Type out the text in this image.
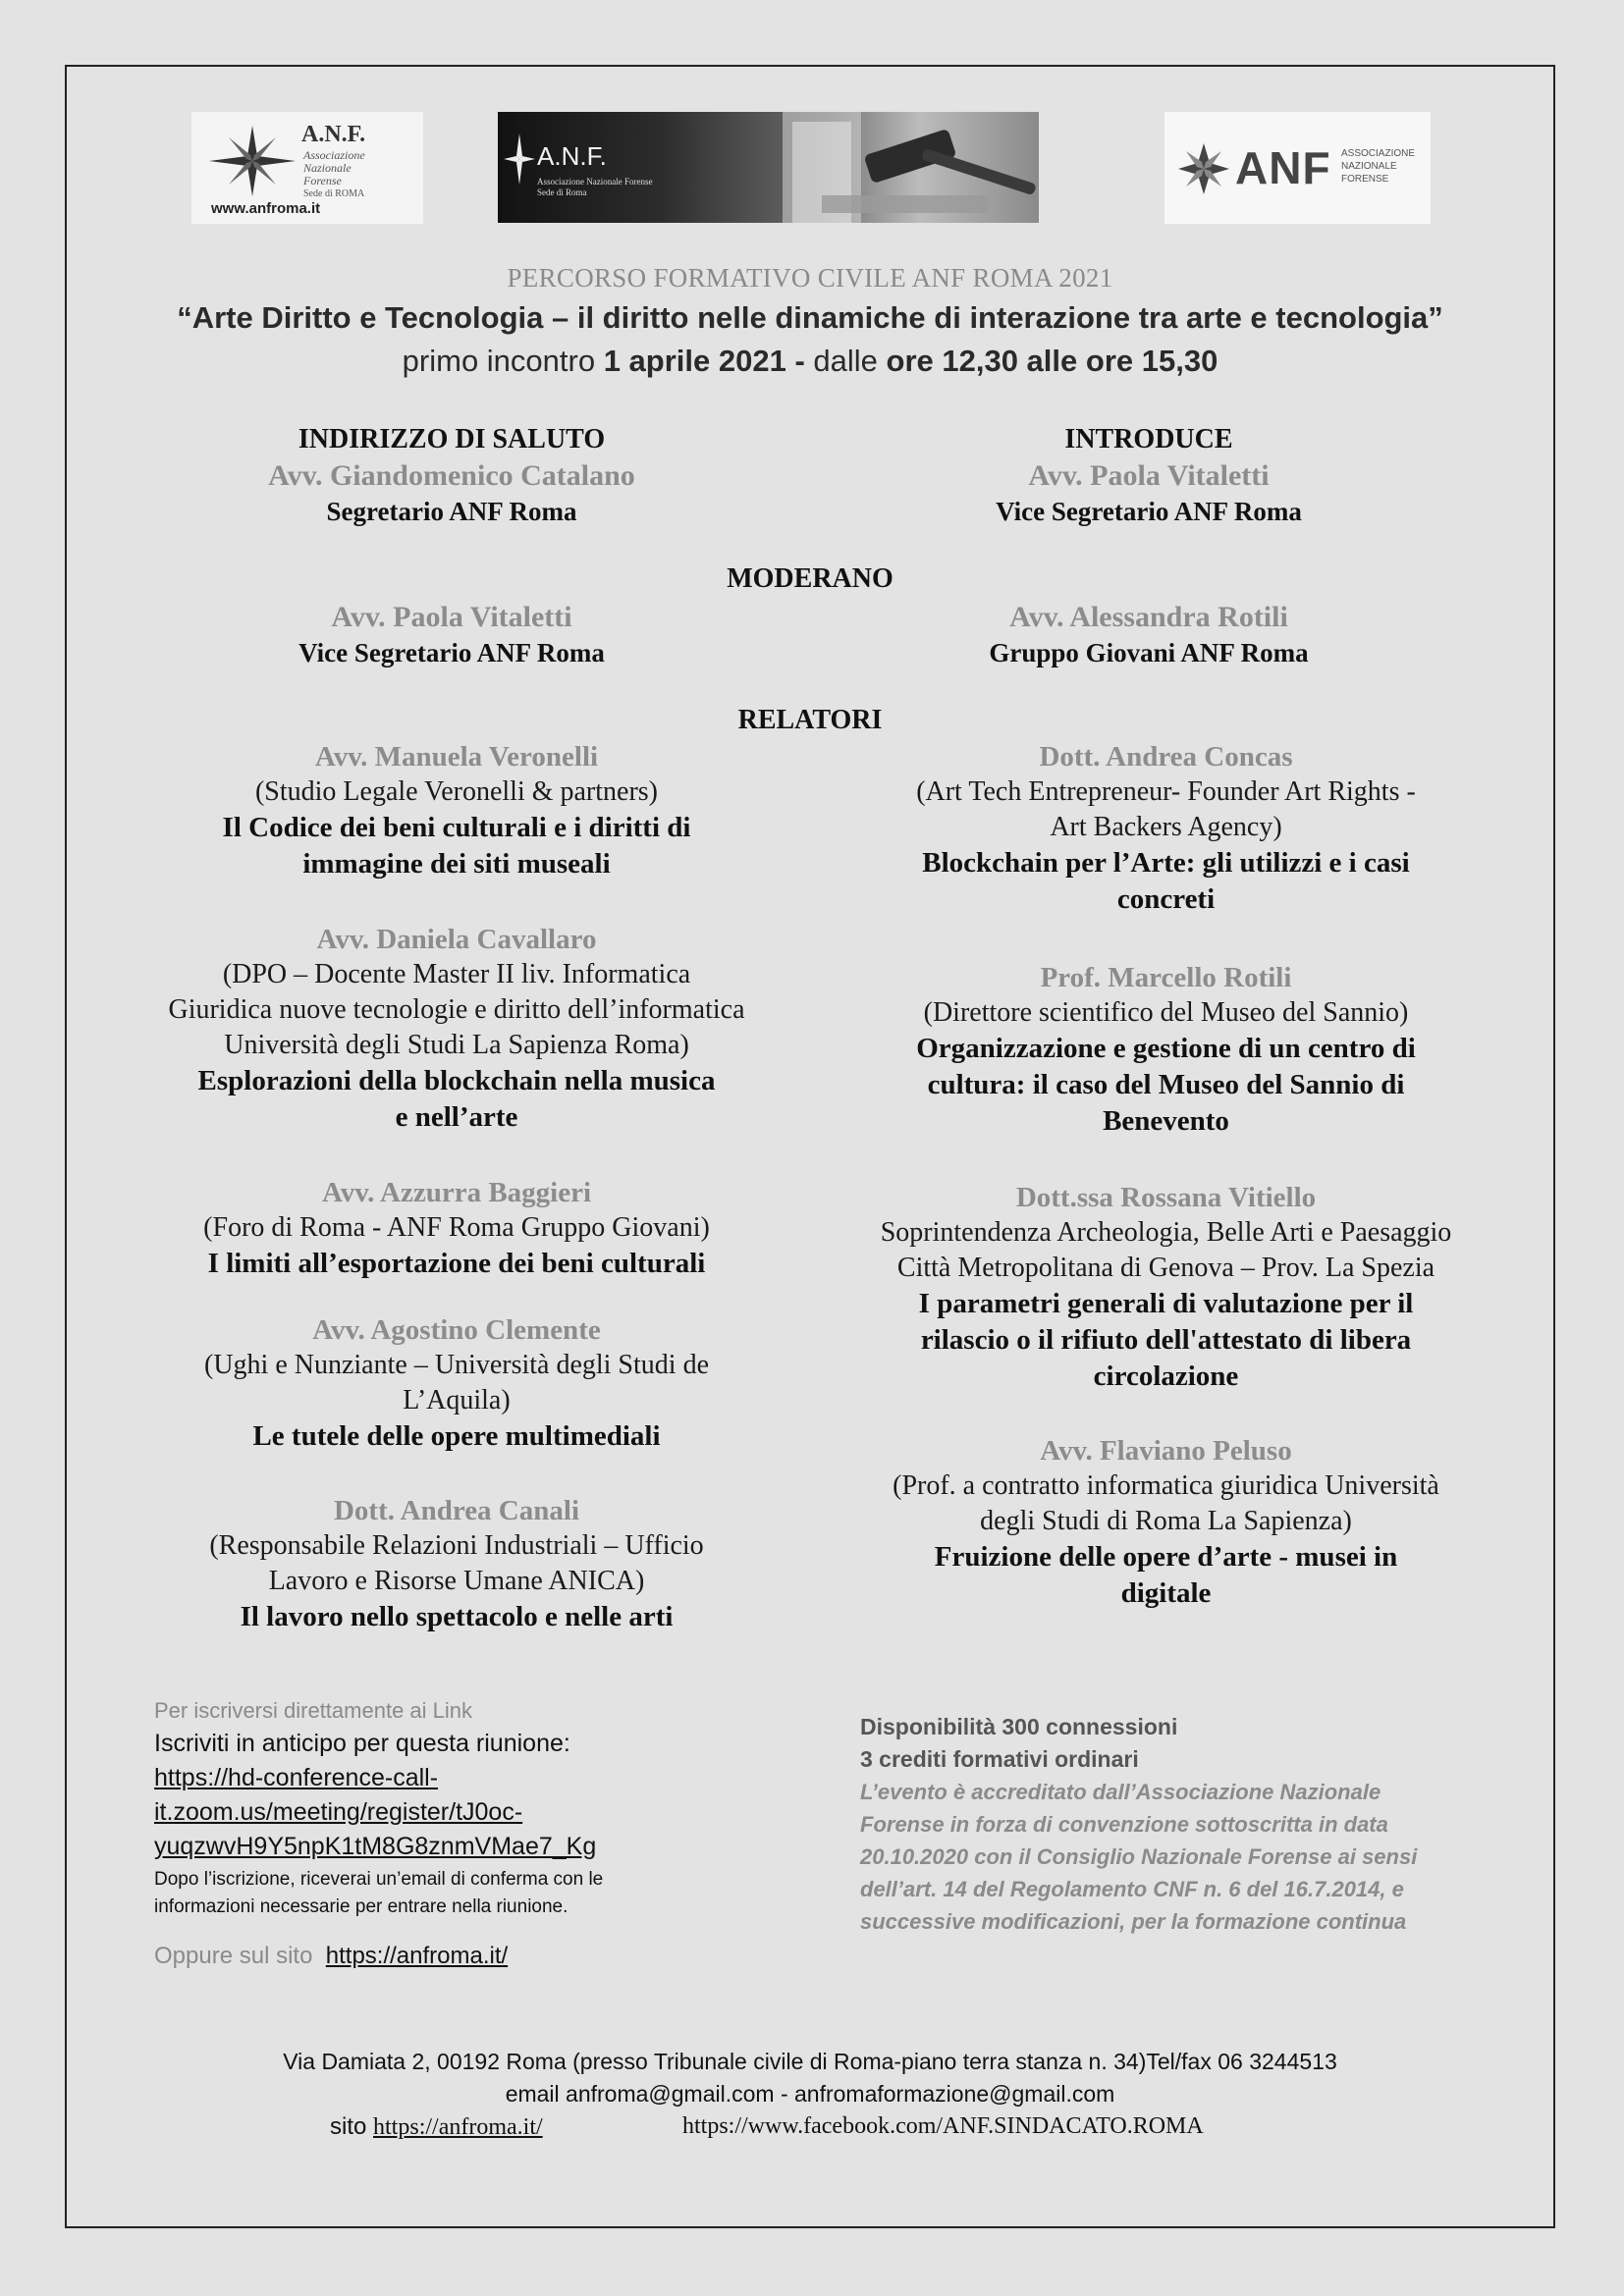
A.N.F.
Associazione
Nazionale
Forense
Sede di ROMA
www.anfroma.it
A.N.F.
Associazione Nazionale Forense
Sede di Roma	ANF ASSOCIAZIONE
NAZIONALE
FORENSE
PERCORSO FORMATIVO CIVILE ANF ROMA 2021
“Arte Diritto e Tecnologia – il diritto nelle dinamiche di interazione tra arte e tecnologia”
primo incontro 1 aprile 2021 - dalle ore 12,30 alle ore 15,30
INDIRIZZO DI SALUTO
Avv. Giandomenico Catalano
Segretario ANF Roma
INTRODUCE
Avv. Paola Vitaletti
Vice Segretario ANF Roma
MODERANO
Avv. Paola Vitaletti
Vice Segretario ANF Roma
Avv. Alessandra Rotili
Gruppo Giovani ANF Roma
RELATORI
Avv. Manuela Veronelli
(Studio Legale Veronelli & partners)
Il Codice dei beni culturali e i diritti di
immagine dei siti museali
Avv. Daniela Cavallaro
(DPO – Docente Master II liv. Informatica
Giuridica nuove tecnologie e diritto dell’informatica
Università degli Studi La Sapienza Roma)
Esplorazioni della blockchain nella musica
e nell’arte
Avv. Azzurra Baggieri
(Foro di Roma - ANF Roma Gruppo Giovani)
I limiti all’esportazione dei beni culturali
Avv. Agostino Clemente
(Ughi e Nunziante – Università degli Studi de
L’Aquila)
Le tutele delle opere multimediali
Dott. Andrea Canali
(Responsabile Relazioni Industriali – Ufficio
Lavoro e Risorse Umane ANICA)
Il lavoro nello spettacolo e nelle arti
Dott. Andrea Concas
(Art Tech Entrepreneur- Founder Art Rights -
Art Backers Agency)
Blockchain per l’Arte: gli utilizzi e i casi
concreti
Prof. Marcello Rotili
(Direttore scientifico del Museo del Sannio)
Organizzazione e gestione di un centro di
cultura: il caso del Museo del Sannio di
Benevento
Dott.ssa Rossana Vitiello
Soprintendenza Archeologia, Belle Arti e Paesaggio
Città Metropolitana di Genova – Prov. La Spezia
I parametri generali di valutazione per il
rilascio o il rifiuto dell'attestato di libera
circolazione
Avv. Flaviano Peluso
(Prof. a contratto informatica giuridica Università
degli Studi di Roma La Sapienza)
Fruizione delle opere d’arte - musei in
digitale
Per iscriversi direttamente ai Link
Iscriviti in anticipo per questa riunione:
https://hd-conference-call-
it.zoom.us/meeting/register/tJ0oc-
yuqzwvH9Y5npK1tM8G8znmVMae7_Kg
Dopo l’iscrizione, riceverai un’email di conferma con le
informazioni necessarie per entrare nella riunione.
Oppure sul sito https://anfroma.it/
Disponibilità 300 connessioni
3 crediti formativi ordinari
L’evento è accreditato dall’Associazione Nazionale
Forense in forza di convenzione sottoscritta in data
20.10.2020 con il Consiglio Nazionale Forense ai sensi
dell’art. 14 del Regolamento CNF n. 6 del 16.7.2014, e
successive modificazioni, per la formazione continua
Via Damiata 2, 00192 Roma (presso Tribunale civile di Roma-piano terra stanza n. 34)Tel/fax 06 3244513
email anfroma@gmail.com - anfromaformazione@gmail.com
sito https://anfroma.it/	https://www.facebook.com/ANF.SINDACATO.ROMA
